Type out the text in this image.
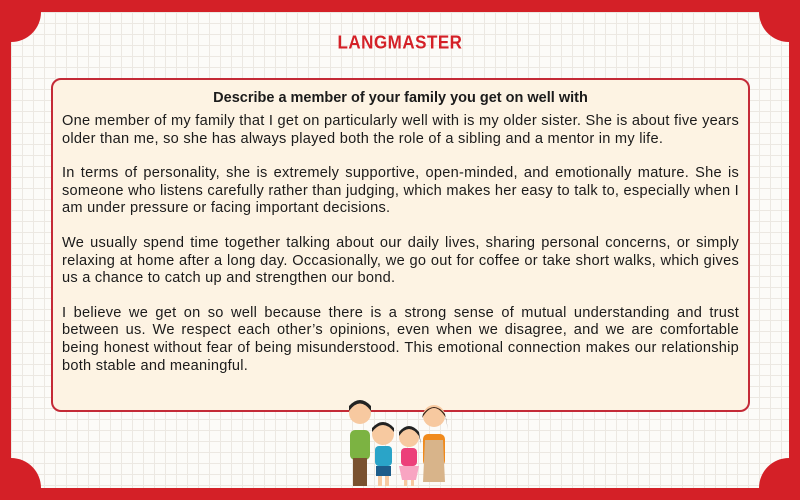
LANGMASTER
Describe a member of your family you get on well with

One member of my family that I get on particularly well with is my older sister. She is about five years older than me, so she has always played both the role of a sibling and a mentor in my life.

In terms of personality, she is extremely supportive, open-minded, and emotionally mature. She is someone who listens carefully rather than judging, which makes her easy to talk to, especially when I am under pressure or facing important decisions.

We usually spend time together talking about our daily lives, sharing personal concerns, or simply relaxing at home after a long day. Occasionally, we go out for coffee or take short walks, which gives us a chance to catch up and strengthen our bond.

I believe we get on so well because there is a strong sense of mutual understanding and trust between us. We respect each other’s opinions, even when we disagree, and we are comfortable being honest without fear of being misunderstood. This emotional connection makes our relationship both stable and meaningful.
